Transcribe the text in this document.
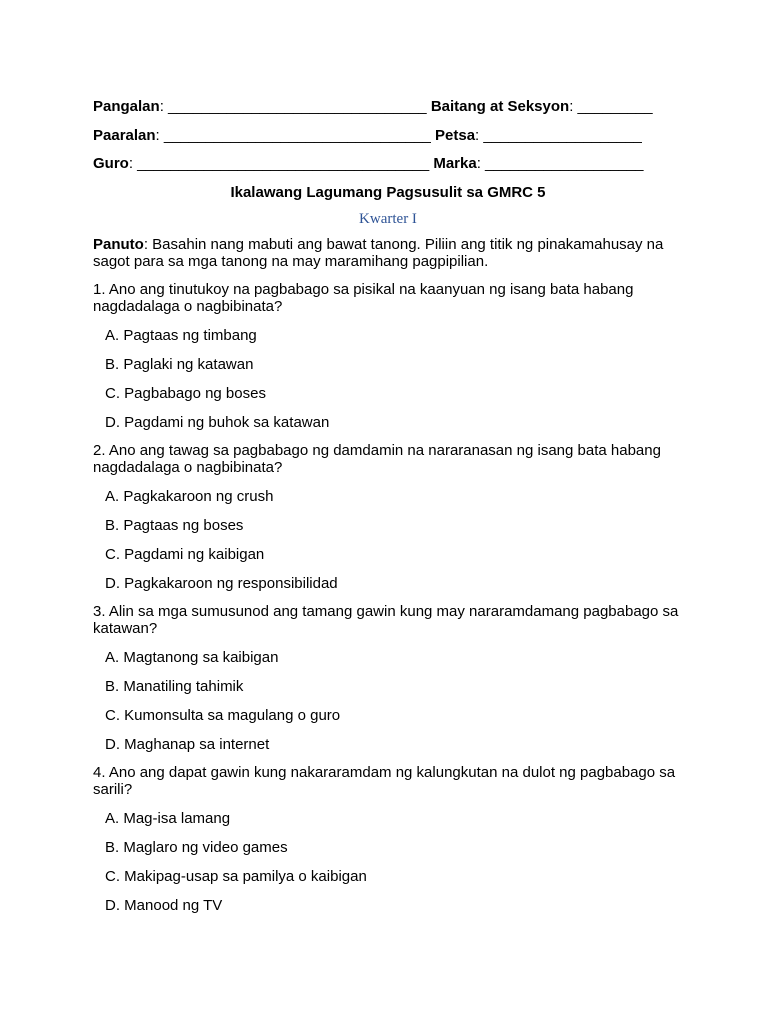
Pangalan: _______________________________ Baitang at Seksyon: _________
Paaralan: ________________________________ Petsa: ___________________
Guro: ___________________________________ Marka: ___________________
Ikalawang Lagumang Pagsusulit sa GMRC 5
Kwarter I
Panuto: Basahin nang mabuti ang bawat tanong. Piliin ang titik ng pinakamahusay na sagot para sa mga tanong na may maramihang pagpipilian.
1. Ano ang tinutukoy na pagbabago sa pisikal na kaanyuan ng isang bata habang nagdadalaga o nagbibinata?
A. Pagtaas ng timbang
B. Paglaki ng katawan
C. Pagbabago ng boses
D. Pagdami ng buhok sa katawan
2. Ano ang tawag sa pagbabago ng damdamin na nararanasan ng isang bata habang nagdadalaga o nagbibinata?
A. Pagkakaroon ng crush
B. Pagtaas ng boses
C. Pagdami ng kaibigan
D. Pagkakaroon ng responsibilidad
3. Alin sa mga sumusunod ang tamang gawin kung may nararamdamang pagbabago sa katawan?
A. Magtanong sa kaibigan
B. Manatiling tahimik
C. Kumonsulta sa magulang o guro
D. Maghanap sa internet
4. Ano ang dapat gawin kung nakararamdam ng kalungkutan na dulot ng pagbabago sa sarili?
A. Mag-isa lamang
B. Maglaro ng video games
C. Makipag-usap sa pamilya o kaibigan
D. Manood ng TV
